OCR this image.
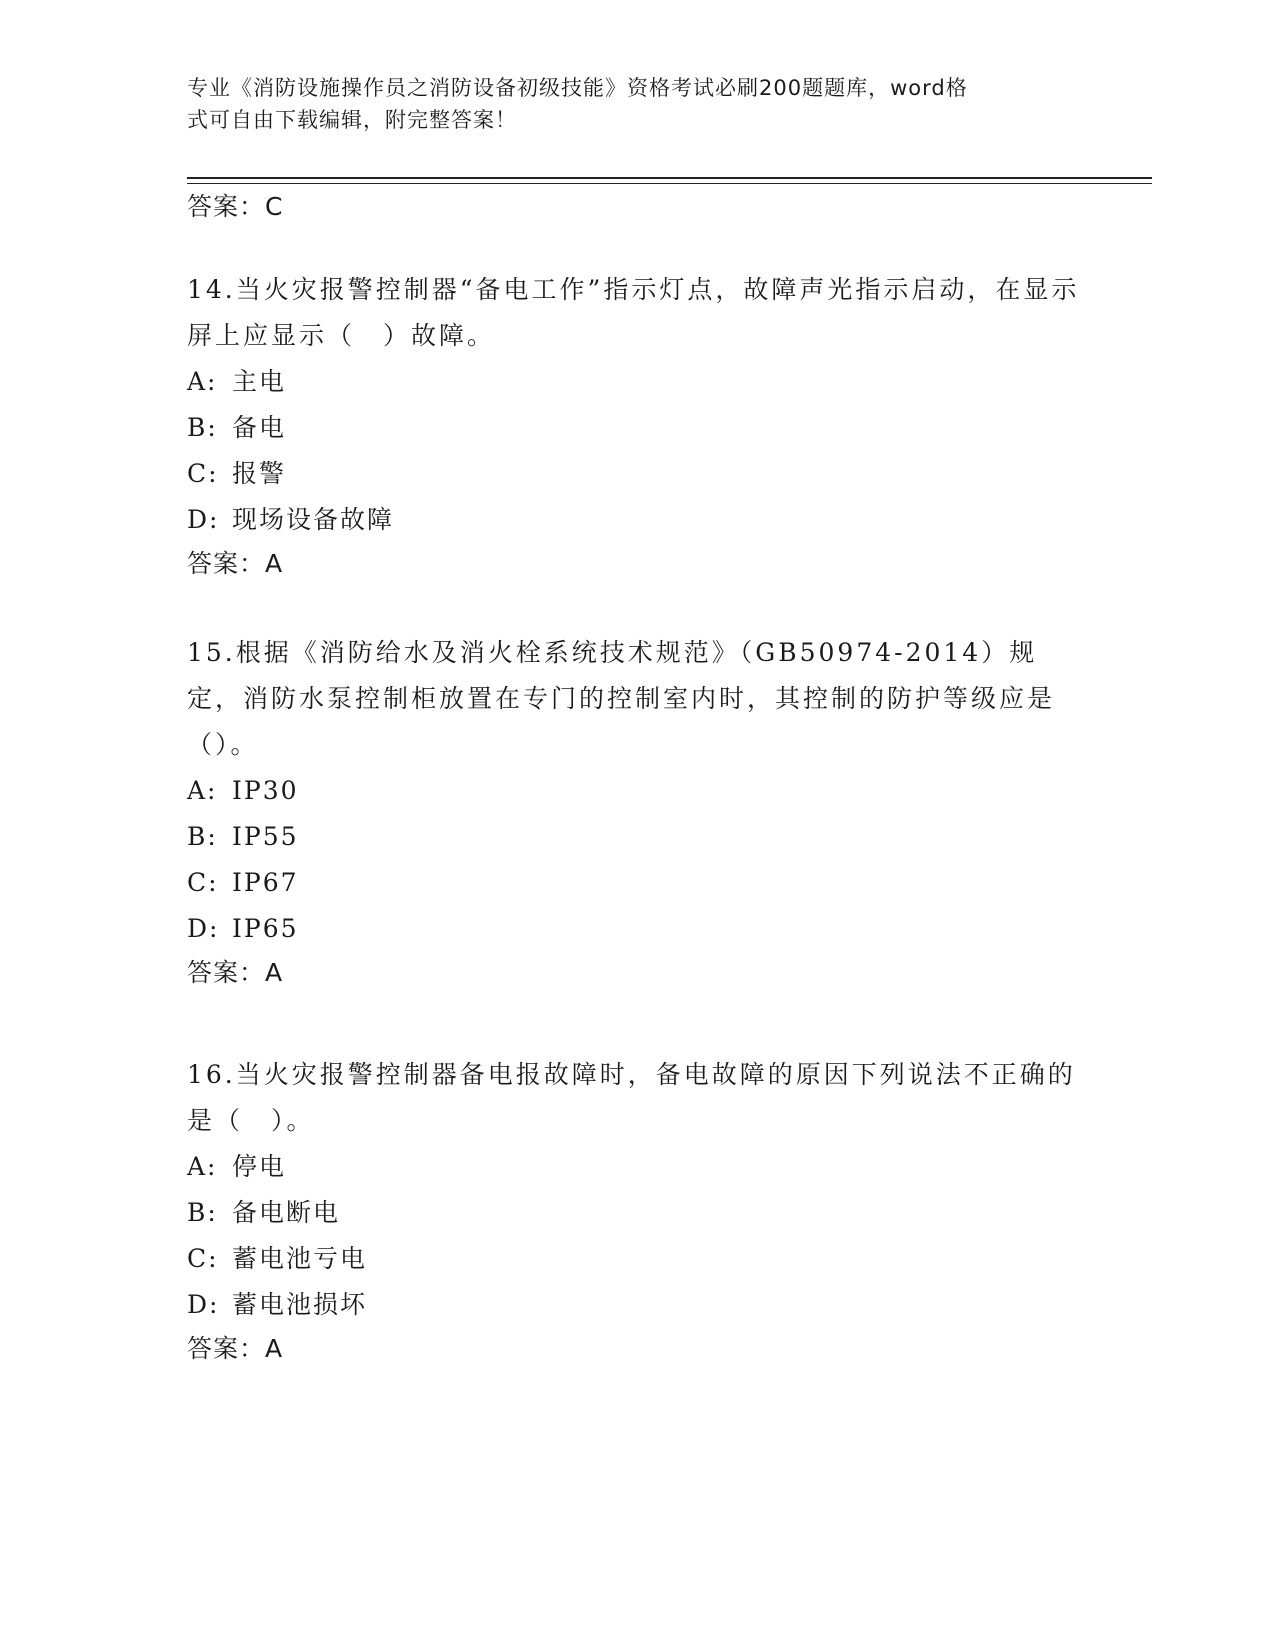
专业《消防设施操作员之消防设备初级技能》资格考试必刷200题题库，word格
式可自由下载编辑，附完整答案！
答案：C
14.当火灾报警控制器“备电工作”指示灯点，故障声光指示启动，在显示屏上应显示（　）故障。
A: 主电
B: 备电
C: 报警
D: 现场设备故障
答案：A
15.根据《消防给水及消火栓系统技术规范》（GB50974-2014）规定，消防水泵控制柜放置在专门的控制室内时，其控制的防护等级应是（）。
A: IP30
B: IP55
C: IP67
D: IP65
答案：A
16.当火灾报警控制器备电报故障时，备电故障的原因下列说法不正确的是（　）。
A: 停电
B: 备电断电
C: 蓄电池亏电
D: 蓄电池损坏
答案：A
